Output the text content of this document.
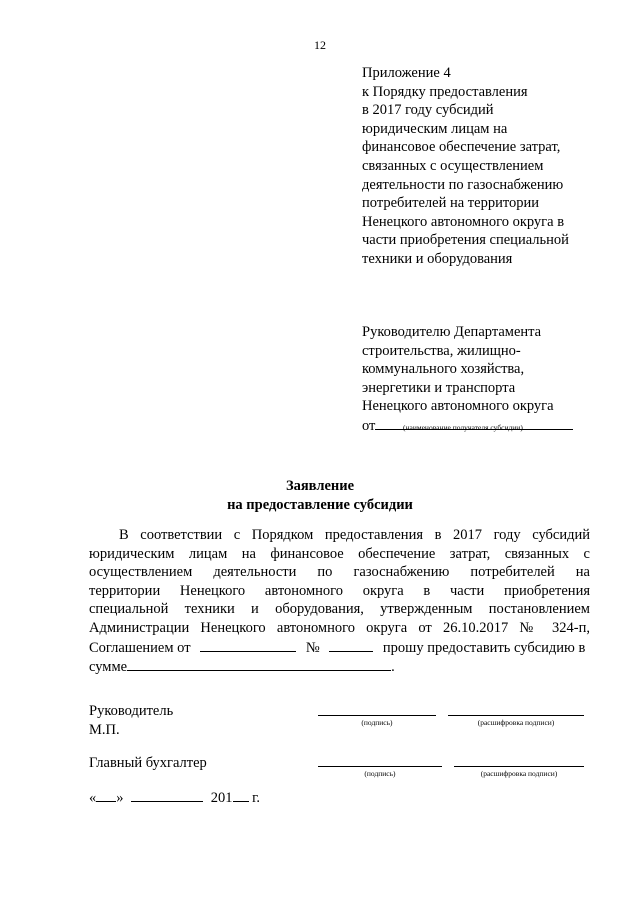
12
Приложение 4
к Порядку предоставления
в 2017 году субсидий
юридическим лицам на
финансовое обеспечение затрат,
связанных с осуществлением
деятельности по газоснабжению
потребителей на территории
Ненецкого автономного округа в
части приобретения специальной
техники и оборудования
Руководителю Департамента
строительства, жилищно-
коммунального хозяйства,
энергетики и транспорта
Ненецкого автономного округа
от	(наименование получателя субсидии)
Заявление
на предоставление субсидии
В соответствии с Порядком предоставления в 2017 году субсидий
юридическим лицам на финансовое обеспечение затрат, связанных с
осуществлением деятельности по газоснабжению потребителей на
территории Ненецкого автономного округа в части приобретения
специальной техники и оборудования, утвержденным постановлением
Администрации Ненецкого автономного округа от 26.10.2017 № 324-п,
Соглашением от	№	прошу предоставить субсидию в
сумме	.
Руководитель
М.П.	(подпись)	(расшифровка подписи)
Главный бухгалтер
(подпись)	(расшифровка подписи)
« »	201 г.
